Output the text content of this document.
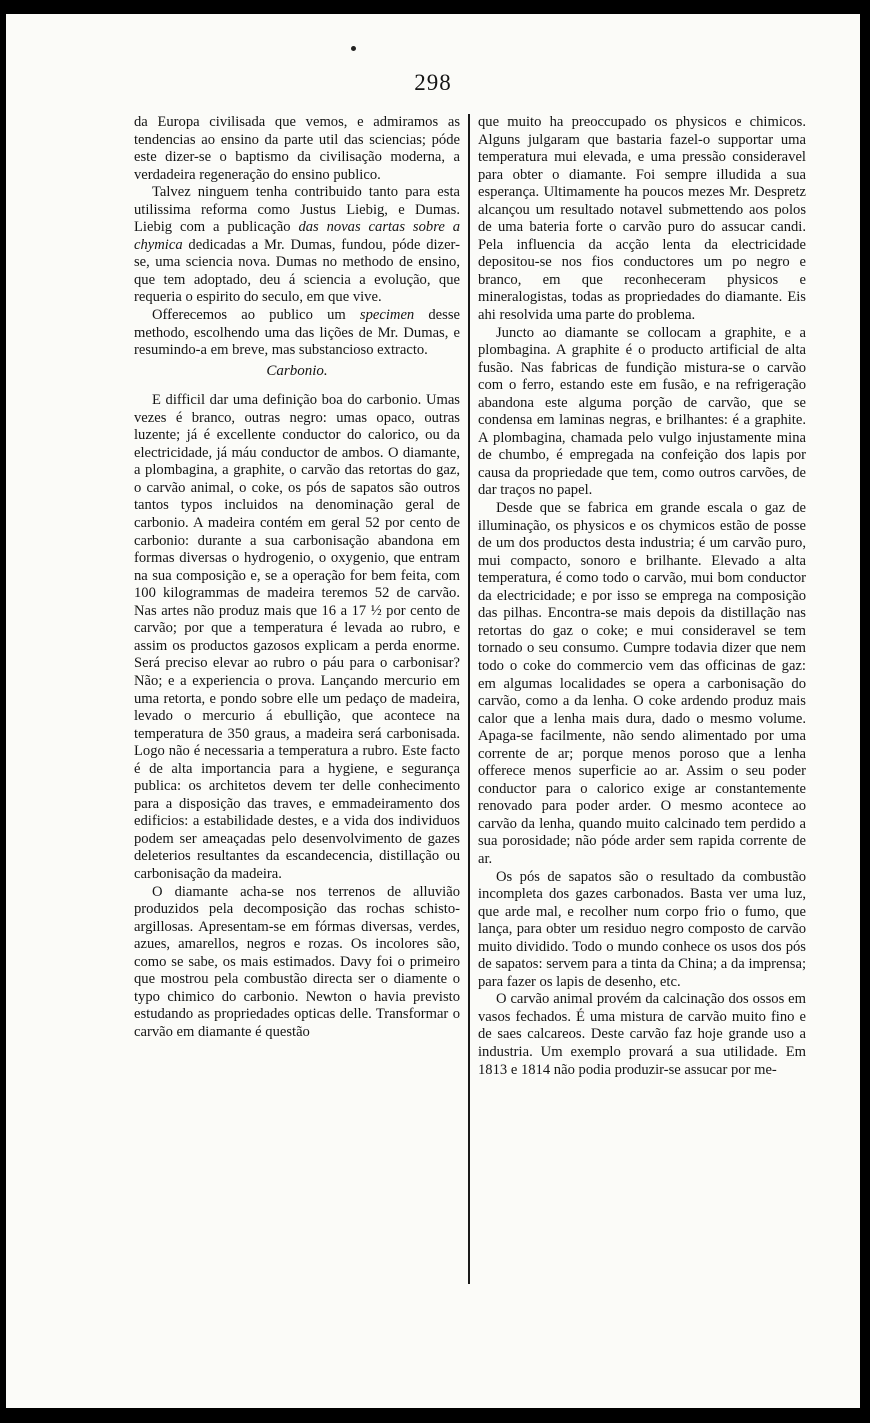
298

da Europa civilisada que vemos, e admiramos as tendencias ao ensino da parte util das sciencias; póde este dizer-se o baptismo da civilisação moderna, a verdadeira regeneração do ensino publico.

Talvez ninguem tenha contribuido tanto para esta utilissima reforma como Justus Liebig, e Dumas. Liebig com a publicação das novas cartas sobre a chymica dedicadas a Mr. Dumas, fundou, póde dizer-se, uma sciencia nova. Dumas no methodo de ensino, que tem adoptado, deu á sciencia a evolução, que requeria o espirito do seculo, em que vive.

Offerecemos ao publico um specimen desse methodo, escolhendo uma das lições de Mr. Dumas, e resumindo-a em breve, mas substancioso extracto.

Carbonio.

E difficil dar uma definição boa do carbonio. Umas vezes é branco, outras negro: umas opaco, outras luzente; já é excellente conductor do calorico, ou da electricidade, já máu conductor de ambos. O diamante, a plombagina, a graphite, o carvão das retortas do gaz, o carvão animal, o coke, os pós de sapatos são outros tantos typos incluidos na denominação geral de carbonio. A madeira contém em geral 52 por cento de carbonio: durante a sua carbonisação abandona em formas diversas o hydrogenio, o oxygenio, que entram na sua composição e, se a operação for bem feita, com 100 kilogrammas de madeira teremos 52 de carvão. Nas artes não produz mais que 16 a 17 ½ por cento de carvão; por que a temperatura é levada ao rubro, e assim os productos gazosos explicam a perda enorme. Será preciso elevar ao rubro o páu para o carbonisar? Não; e a experiencia o prova. Lançando mercurio em uma retorta, e pondo sobre elle um pedaço de madeira, levado o mercurio á ebullição, que acontece na temperatura de 350 graus, a madeira será carbonisada. Logo não é necessaria a temperatura a rubro. Este facto é de alta importancia para a hygiene, e segurança publica: os architetos devem ter delle conhecimento para a disposição das traves, e emmadeiramento dos edificios: a estabilidade destes, e a vida dos individuos podem ser ameaçadas pelo desenvolvimento de gazes deleterios resultantes da escandecencia, distillação ou carbonisação da madeira.

O diamante acha-se nos terrenos de alluvião produzidos pela decomposição das rochas schisto-argillosas. Apresentam-se em fórmas diversas, verdes, azues, amarellos, negros e rozas. Os incolores são, como se sabe, os mais estimados. Davy foi o primeiro que mostrou pela combustão directa ser o diamente o typo chimico do carbonio. Newton o havia previsto estudando as propriedades opticas delle. Transformar o carvão em diamante é questão

que muito ha preoccupado os physicos e chimicos. Alguns julgaram que bastaria fazel-o supportar uma temperatura mui elevada, e uma pressão consideravel para obter o diamante. Foi sempre illudida a sua esperança. Ultimamente ha poucos mezes Mr. Despretz alcançou um resultado notavel submettendo aos polos de uma bateria forte o carvão puro do assucar candi. Pela influencia da acção lenta da electricidade depositou-se nos fios conductores um po negro e branco, em que reconheceram physicos e mineralogistas, todas as propriedades do diamante. Eis ahi resolvida uma parte do problema.

Juncto ao diamante se collocam a graphite, e a plombagina. A graphite é o producto artificial de alta fusão. Nas fabricas de fundição mistura-se o carvão com o ferro, estando este em fusão, e na refrigeração abandona este alguma porção de carvão, que se condensa em laminas negras, e brilhantes: é a graphite. A plombagina, chamada pelo vulgo injustamente mina de chumbo, é empregada na confeição dos lapis por causa da propriedade que tem, como outros carvões, de dar traços no papel.

Desde que se fabrica em grande escala o gaz de illuminação, os physicos e os chymicos estão de posse de um dos productos desta industria; é um carvão puro, mui compacto, sonoro e brilhante. Elevado a alta temperatura, é como todo o carvão, mui bom conductor da electricidade; e por isso se emprega na composição das pilhas. Encontra-se mais depois da distillação nas retortas do gaz o coke; e mui consideravel se tem tornado o seu consumo. Cumpre todavia dizer que nem todo o coke do commercio vem das officinas de gaz: em algumas localidades se opera a carbonisação do carvão, como a da lenha. O coke ardendo produz mais calor que a lenha mais dura, dado o mesmo volume. Apaga-se facilmente, não sendo alimentado por uma corrente de ar; porque menos poroso que a lenha offerece menos superficie ao ar. Assim o seu poder conductor para o calorico exige ar constantemente renovado para poder arder. O mesmo acontece ao carvão da lenha, quando muito calcinado tem perdido a sua porosidade; não póde arder sem rapida corrente de ar.

Os pós de sapatos são o resultado da combustão incompleta dos gazes carbonados. Basta ver uma luz, que arde mal, e recolher num corpo frio o fumo, que lança, para obter um residuo negro composto de carvão muito dividido. Todo o mundo conhece os usos dos pós de sapatos: servem para a tinta da China; a da imprensa; para fazer os lapis de desenho, etc.

O carvão animal provém da calcinação dos ossos em vasos fechados. É uma mistura de carvão muito fino e de saes calcareos. Deste carvão faz hoje grande uso a industria. Um exemplo provará a sua utilidade. Em 1813 e 1814 não podia produzir-se assucar por me-
